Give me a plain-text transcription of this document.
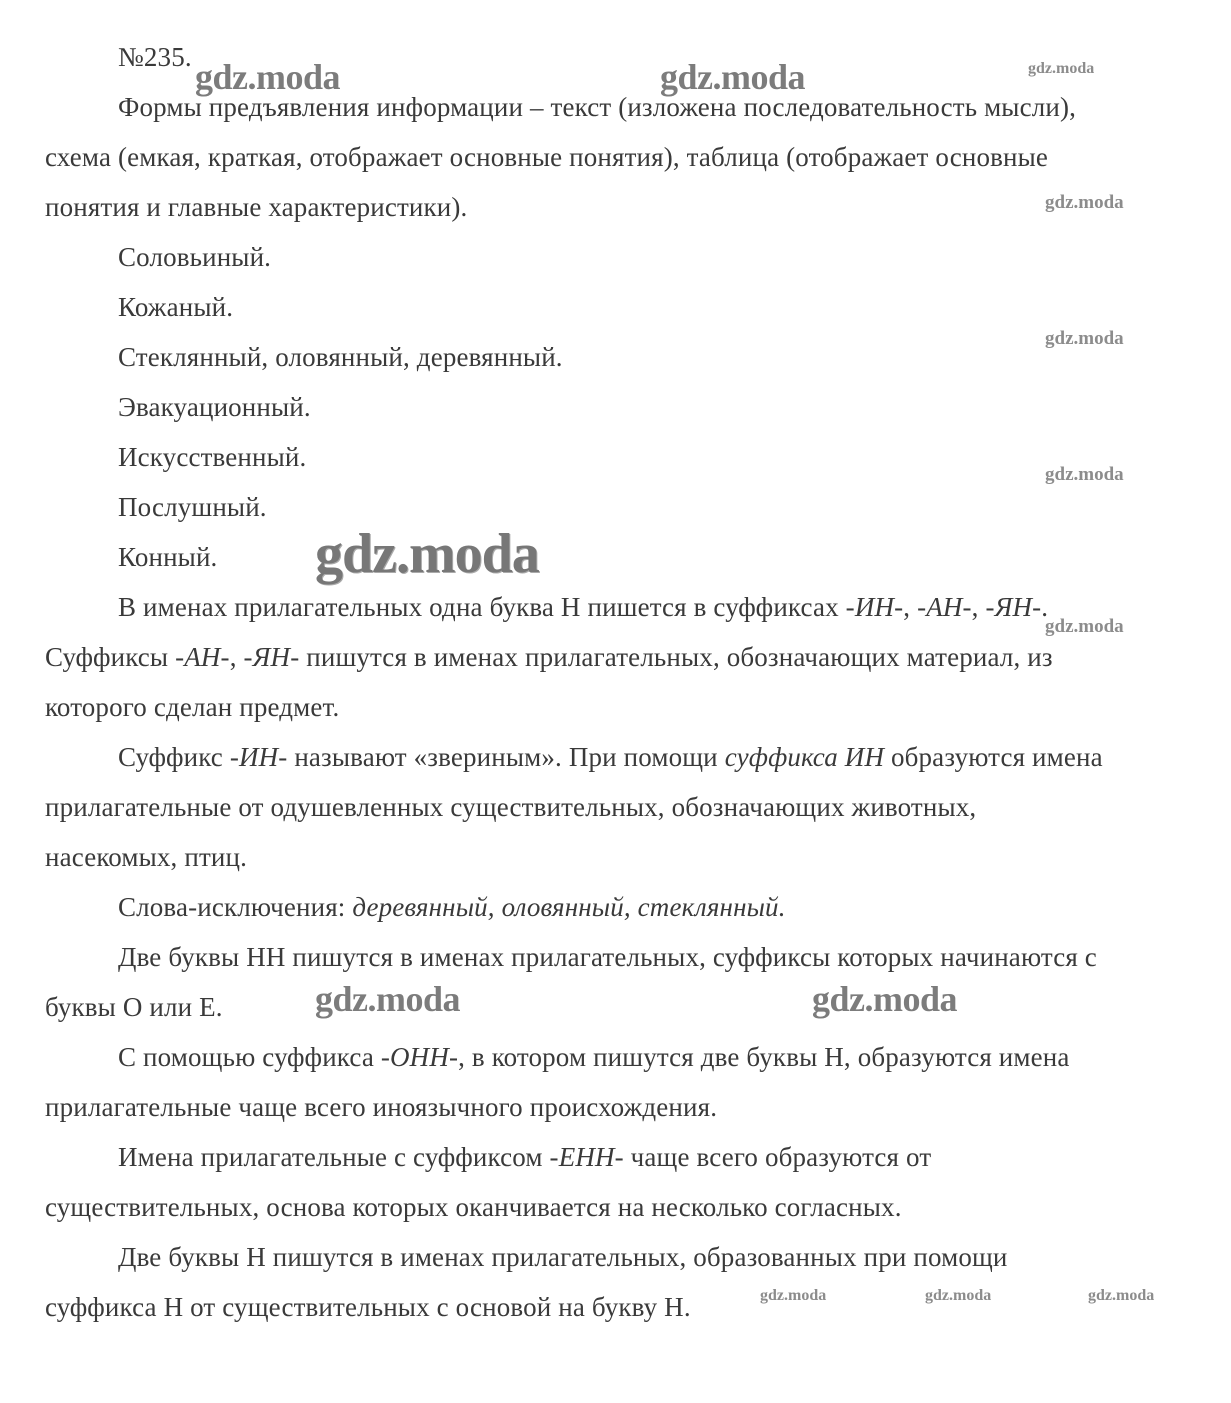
№235.
Формы предъявления информации – текст (изложена последовательность мысли),
схема (емкая, краткая, отображает основные понятия), таблица (отображает основные
понятия и главные характеристики).
Соловьиный.
Кожаный.
Стеклянный, оловянный, деревянный.
Эвакуационный.
Искусственный.
Послушный.
Конный.
В именах прилагательных одна буква Н пишется в суффиксах -ИН-, -АН-, -ЯН-.
Суффиксы -АН-, -ЯН- пишутся в именах прилагательных, обозначающих материал, из
которого сделан предмет.
Суффикс -ИН- называют «звериным». При помощи суффикса ИН образуются имена
прилагательные от одушевленных существительных, обозначающих животных,
насекомых, птиц.
Слова-исключения: деревянный, оловянный, стеклянный.
Две буквы НН пишутся в именах прилагательных, суффиксы которых начинаются с
буквы О или Е.
С помощью суффикса -ОНН-, в котором пишутся две буквы Н, образуются имена
прилагательные чаще всего иноязычного происхождения.
Имена прилагательные с суффиксом -ЕНН- чаще всего образуются от
существительных, основа которых оканчивается на несколько согласных.
Две буквы Н пишутся в именах прилагательных, образованных при помощи
суффикса Н от существительных с основой на букву Н.
gdz.moda	gdz.moda	gdz.moda
gdz.moda
gdz.moda
gdz.moda
gdz.moda
gdz.moda
gdz.moda	gdz.moda
gdz.moda	gdz.moda	gdz.moda
